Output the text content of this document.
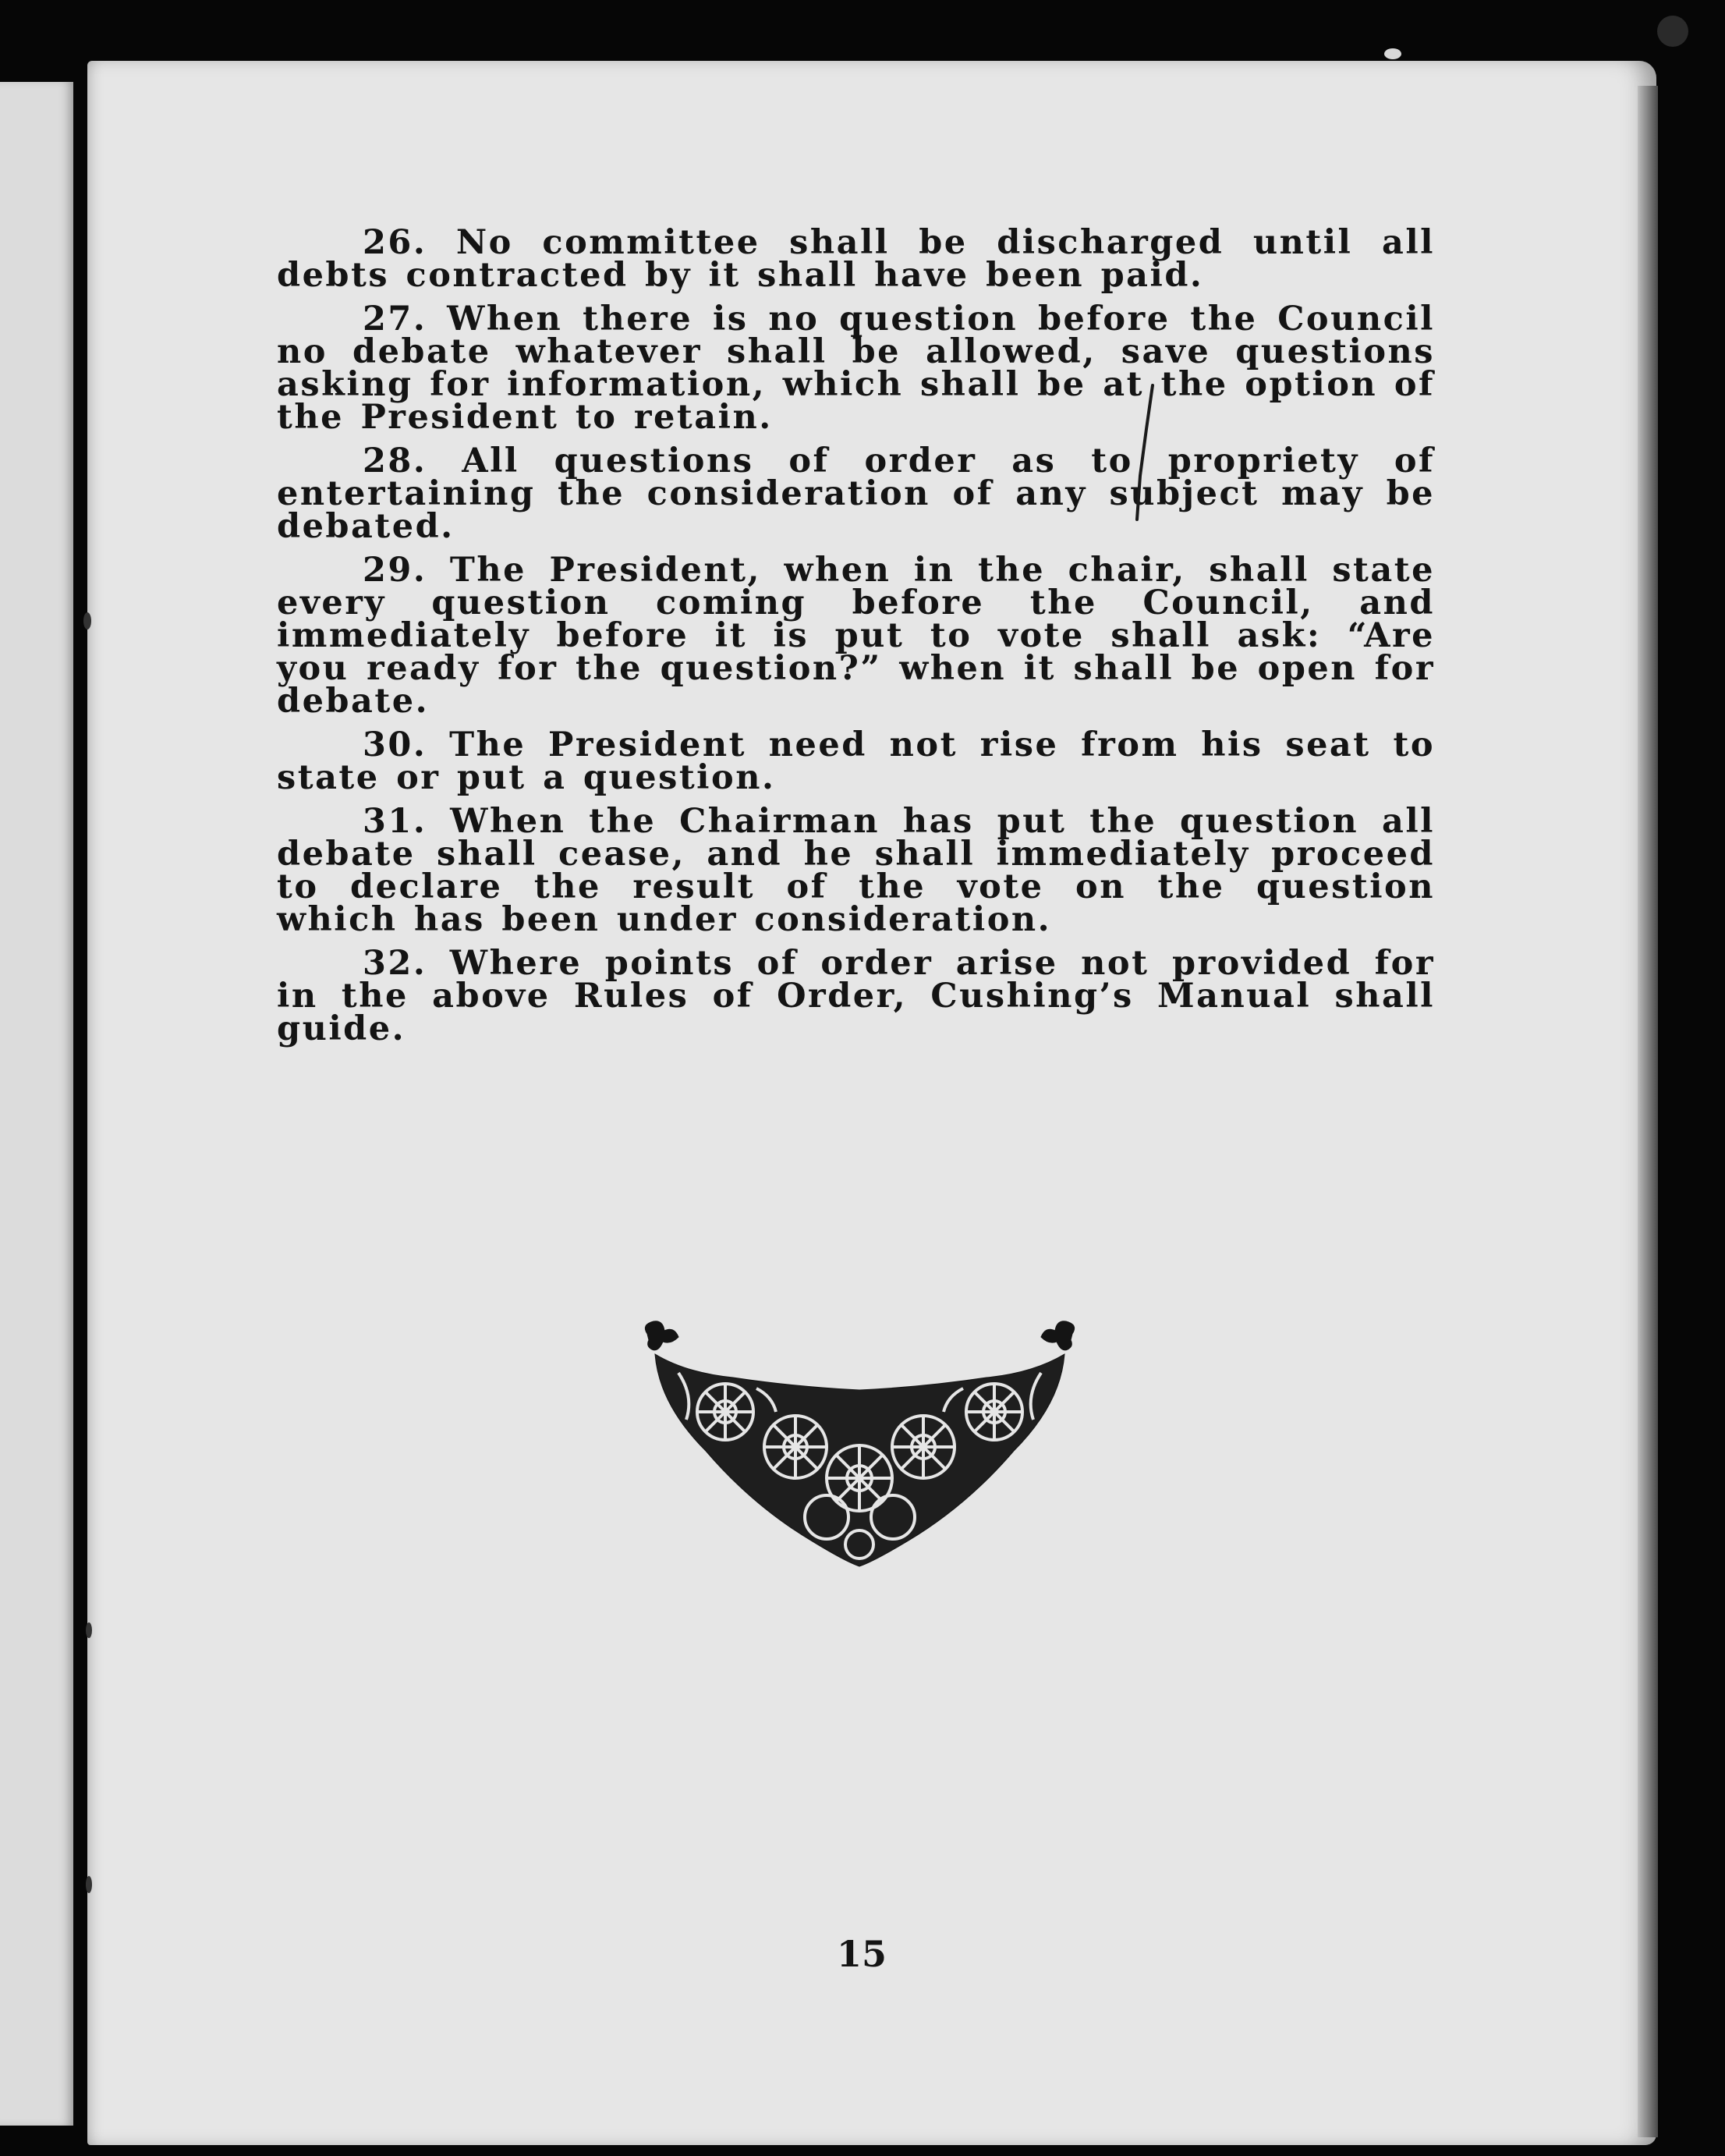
26. No committee shall be discharged until all debts contracted by it shall have been paid.

27. When there is no question before the Council no debate whatever shall be allowed, save questions asking for information, which shall be at the option of the President to retain.

28. All questions of order as to propriety of entertaining the consideration of any subject may be debated.

29. The President, when in the chair, shall state every question coming before the Council, and immediately before it is put to vote shall ask: “Are you ready for the question?” when it shall be open for debate.

30. The President need not rise from his seat to state or put a question.

31. When the Chairman has put the question all debate shall cease, and he shall immediately proceed to declare the result of the vote on the question which has been under consideration.

32. Where points of order arise not provided for in the above Rules of Order, Cushing’s Manual shall guide.

15
